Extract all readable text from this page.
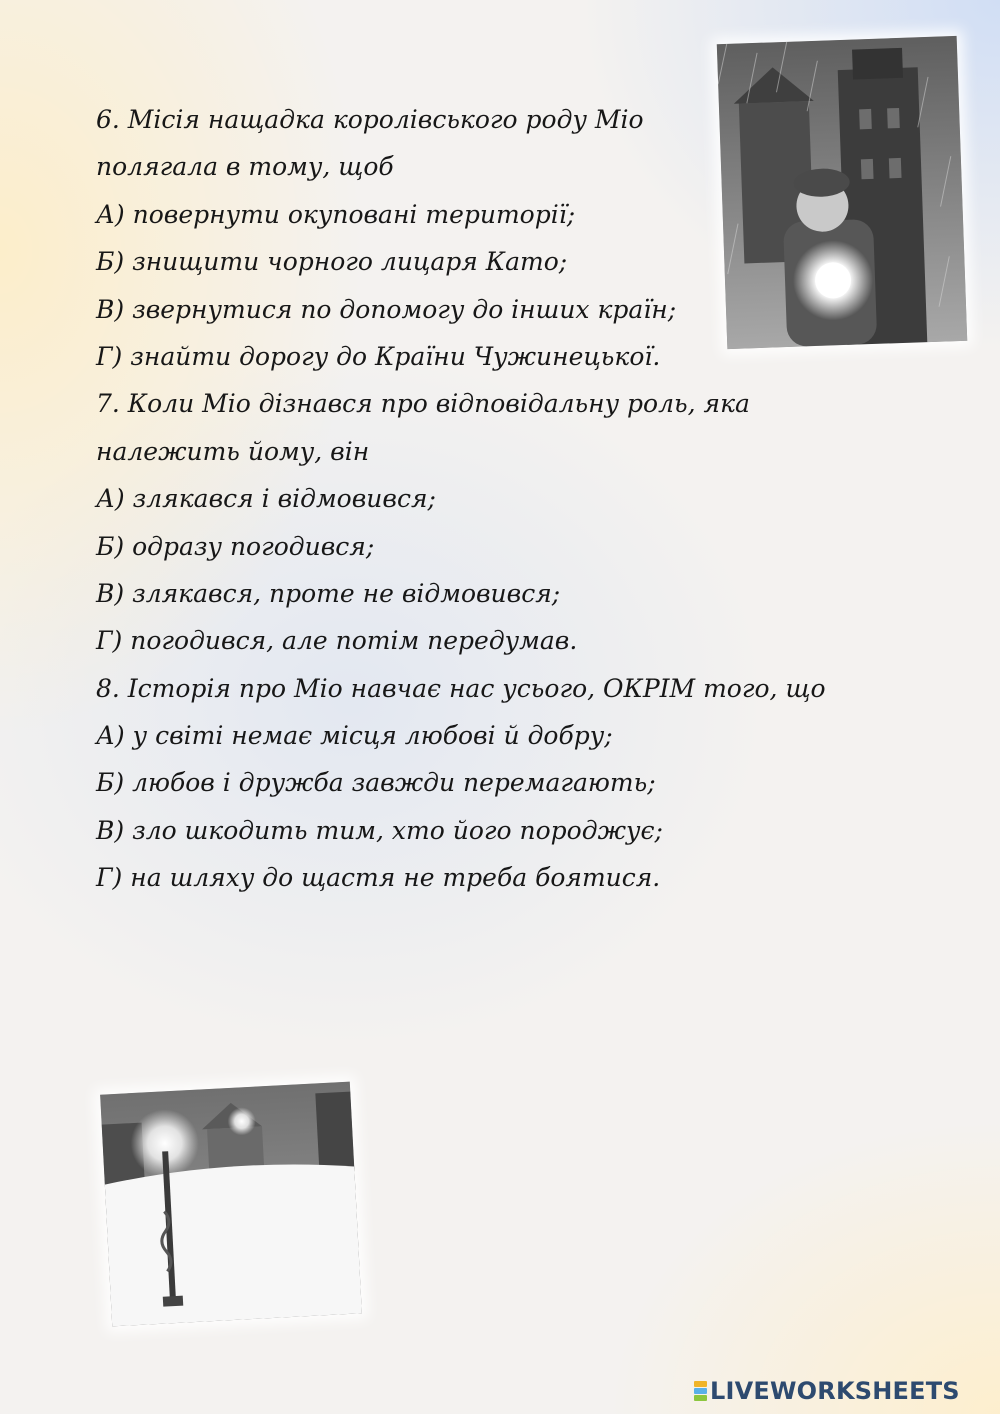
6. Місія нащадка королівського роду Міо
полягала в тому, щоб
А) повернути окуповані території;
Б) знищити чорного лицаря Като;
В) звернутися по допомогу до інших країн;
Г) знайти дорогу до Країни Чужинецької.
7. Коли Міо дізнався про відповідальну роль, яка
належить йому, він
А) злякався і відмовився;
Б) одразу погодився;
В) злякався, проте не відмовився;
Г) погодився, але потім передумав.
8. Історія про Міо навчає нас усього, ОКРІМ того, що
А) у світі немає місця любові й добру;
Б) любов і дружба завжди перемагають;
В) зло шкодить тим, хто його породжує;
Г) на шляху до щастя не треба боятися.
LIVEWORKSHEETS
